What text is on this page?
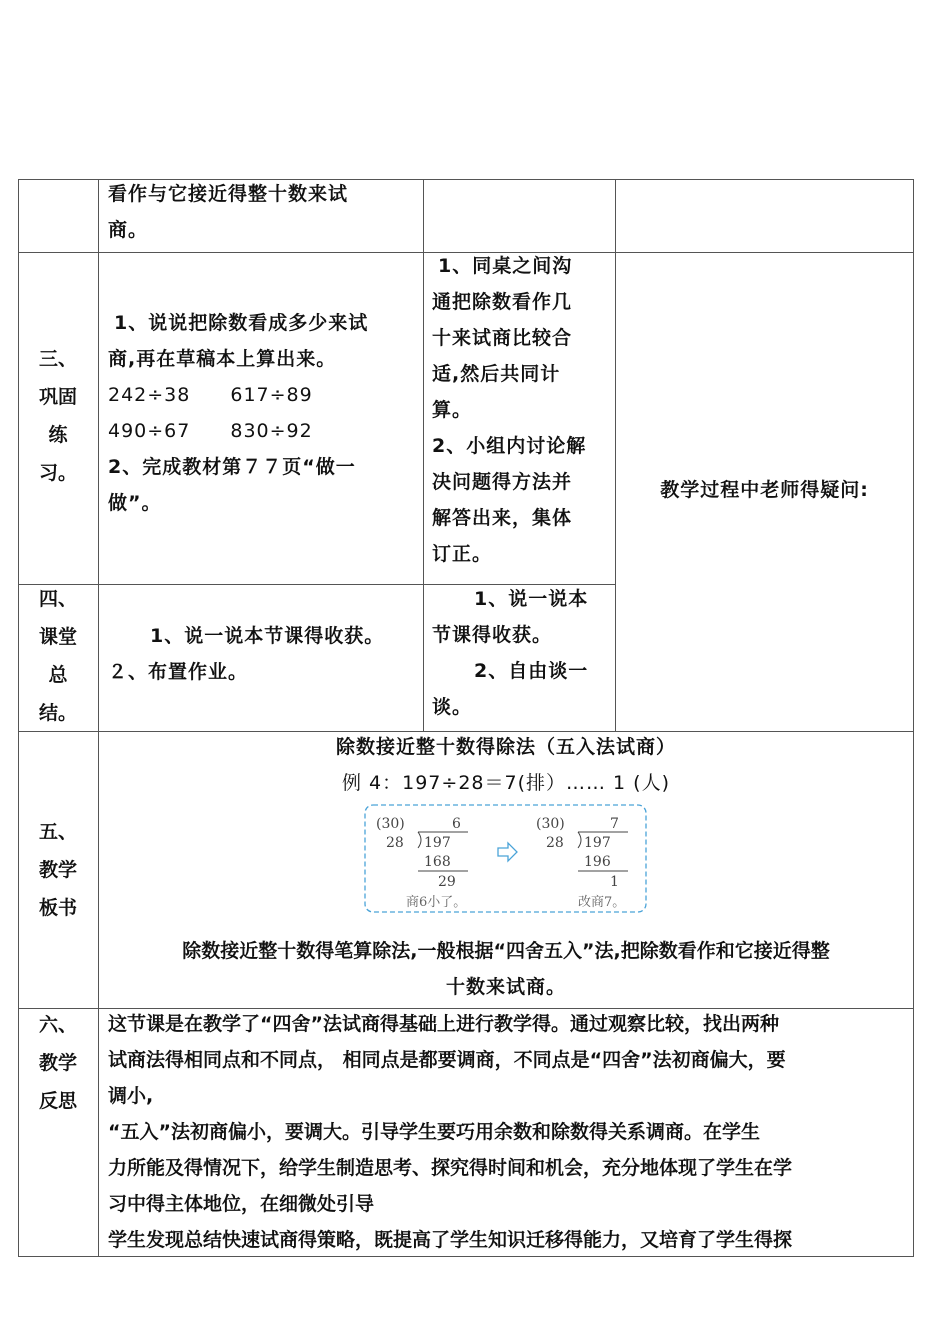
看作与它接近得整十数来试
商。
三、
巩固
练
习。
1、说说把除数看成多少来试
商,再在草稿本上算出来。
242÷38　　617÷89
490÷67　　830÷92
2、完成教材第７７页“做一
做”。
1、同桌之间沟
通把除数看作几
十来试商比较合
适,然后共同计
算。
2、小组内讨论解
决问题得方法并
解答出来，集体
订正。
教学过程中老师得疑问:
四、
课堂
总
结。
1、说一说本节课得收获。
２、布置作业。
1、说一说本
节课得收获。
2、自由谈一
谈。
五、
教学
板书
除数接近整十数得除法（五入法试商）
例 4：197÷28＝7(排）…… 1 (人)
(30)	6
28 197
168
29
商6小了。
(30)	7
28 197
196
1
改商7。
除数接近整十数得笔算除法,一般根据“四舍五入”法,把除数看作和它接近得整
十数来试商。
六、
教学
反思
这节课是在教学了“四舍”法试商得基础上进行教学得。通过观察比较，找出两种
试商法得相同点和不同点， 相同点是都要调商，不同点是“四舍”法初商偏大，要
调小,
“五入”法初商偏小，要调大。引导学生要巧用余数和除数得关系调商。在学生
力所能及得情况下，给学生制造思考、探究得时间和机会，充分地体现了学生在学
习中得主体地位，在细微处引导
学生发现总结快速试商得策略，既提高了学生知识迁移得能力，又培育了学生得探
